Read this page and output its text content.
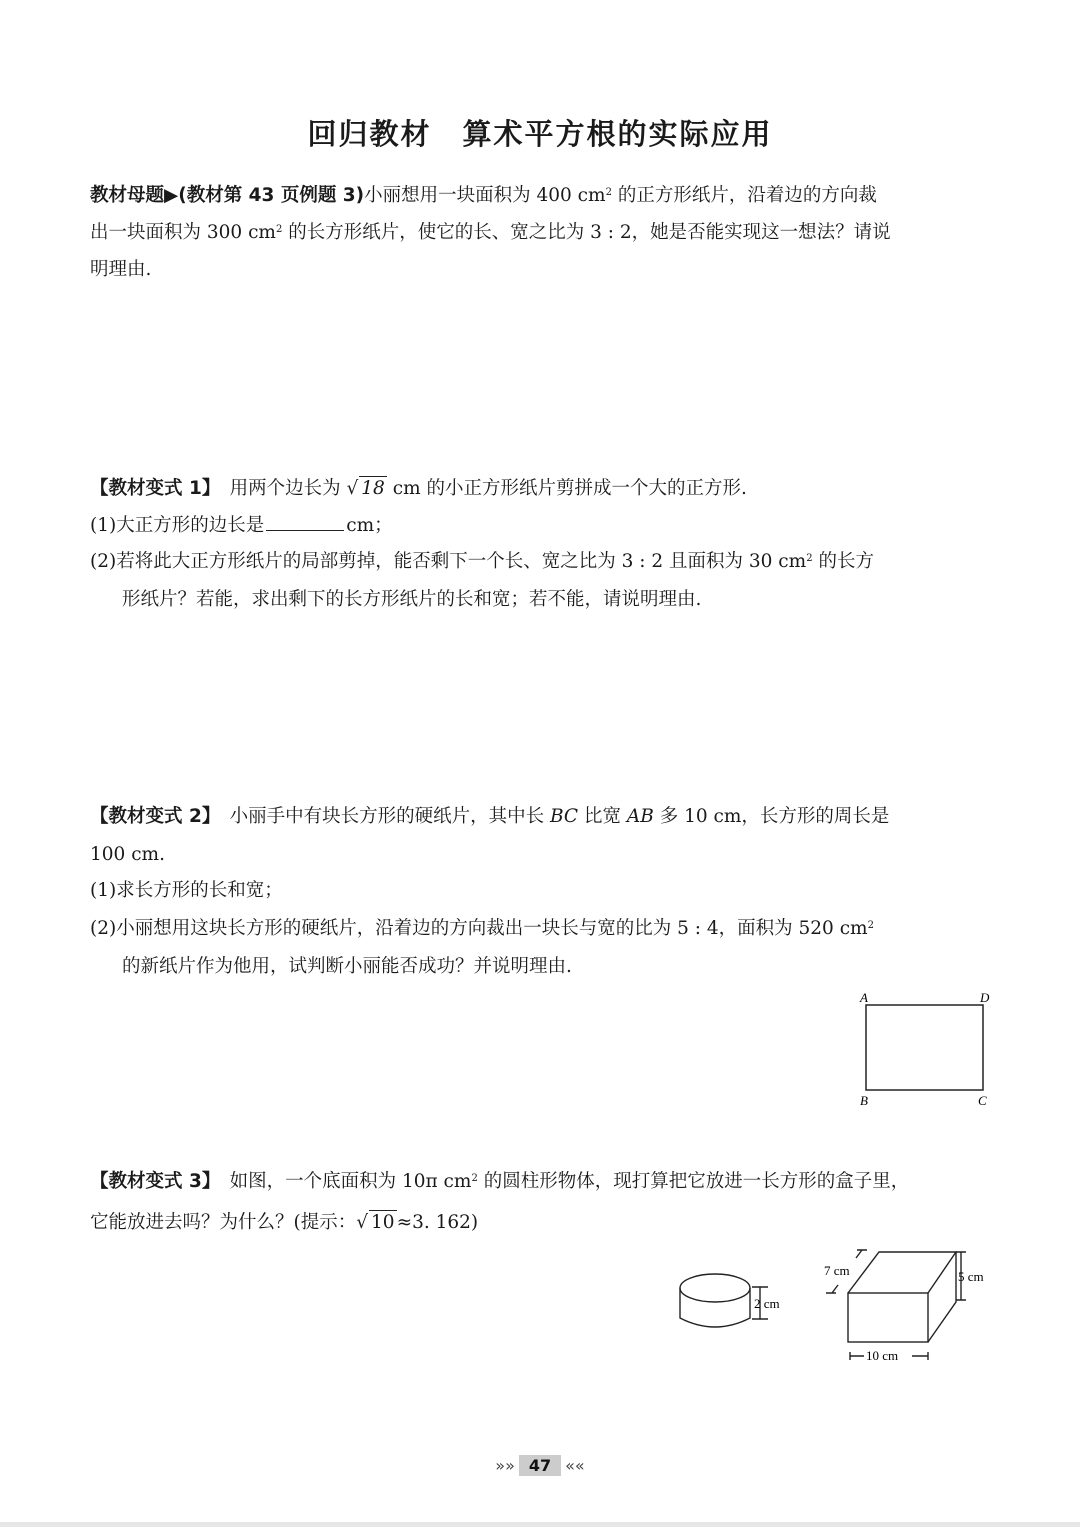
回归教材　算术平方根的实际应用
教材母题▶(教材第 43 页例题 3)小丽想用一块面积为 400 $cm^2$ 的正方形纸片，沿着边的方向裁
出一块面积为 300 $cm^2$ 的长方形纸片，使它的长、宽之比为 3 : 2，她是否能实现这一想法？请说
明理由.
【教材变式 1】　 用两个边长为 √ 18 cm 的小正方形纸片剪拼成一个大的正方形.
(1)大正方形的边长是	cm；
(2)若将此大正方形纸片的局部剪掉，能否剩下一个长、宽之比为 3 : 2 且面积为 30 $cm^2$ 的长方
形纸片？若能，求出剩下的长方形纸片的长和宽；若不能，请说明理由.
【教材变式 2】　 小丽手中有块长方形的硬纸片，其中长 BC 比宽 AB 多 10 cm，长方形的周长是
100 cm.
(1)求长方形的长和宽；
(2)小丽想用这块长方形的硬纸片，沿着边的方向裁出一块长与宽的比为 5 : 4，面积为 520 $cm^2$
的新纸片作为他用，试判断小丽能否成功？并说明理由.
A	D
B	C
【教材变式 3】　 如图，一个底面积为 10π $cm^2$ 的圆柱形物体，现打算把它放进一长方形的盒子里，
它能放进去吗？为什么？(提示：√ 10 ≈3. 162)
2 cm
7 cm	5 cm
10 cm
»» 47 ««
